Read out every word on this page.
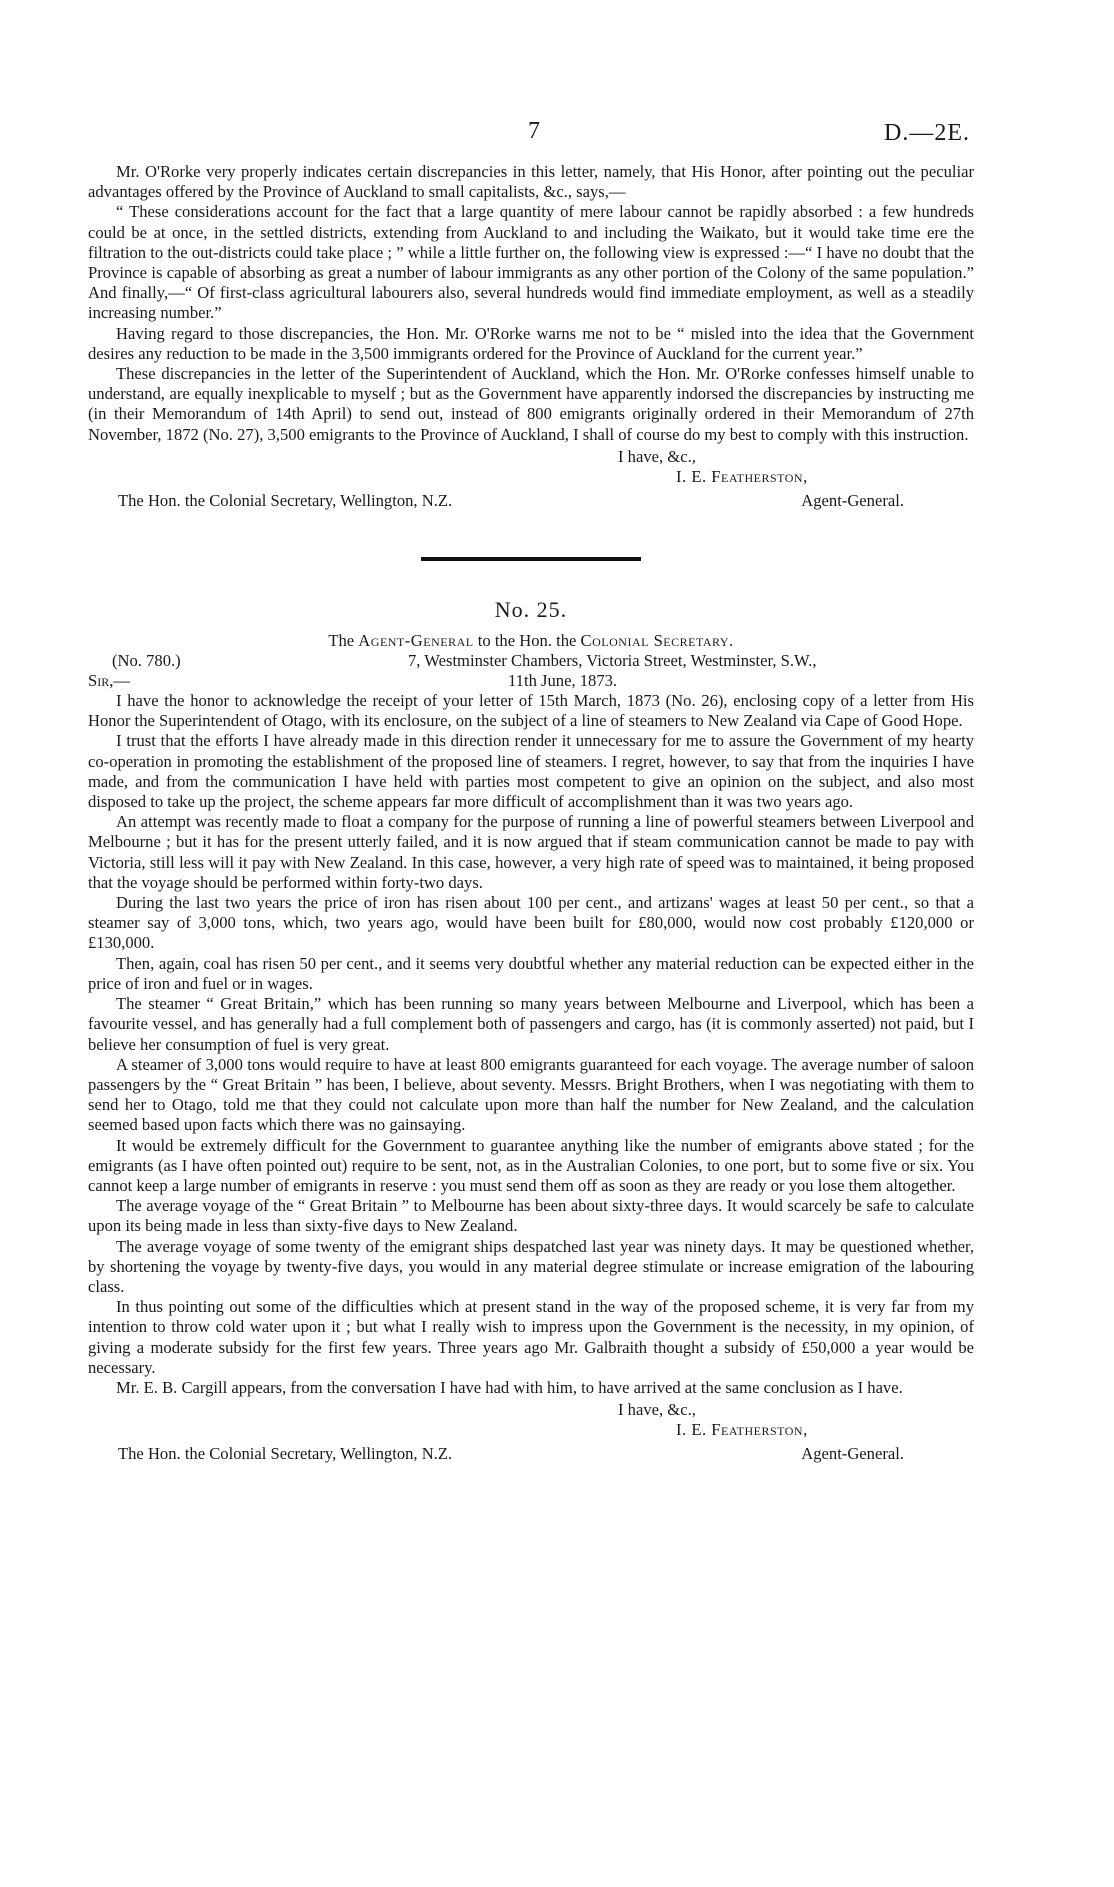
7	D.—2E.

Mr. O'Rorke very properly indicates certain discrepancies in this letter, namely, that His Honor, after pointing out the peculiar advantages offered by the Province of Auckland to small capitalists, &c., says,—

“ These considerations account for the fact that a large quantity of mere labour cannot be rapidly absorbed : a few hundreds could be at once, in the settled districts, extending from Auckland to and including the Waikato, but it would take time ere the filtration to the out-districts could take place ; ” while a little further on, the following view is expressed :—“ I have no doubt that the Province is capable of absorbing as great a number of labour immigrants as any other portion of the Colony of the same population.” And finally,—“ Of first-class agricultural labourers also, several hundreds would find immediate employment, as well as a steadily increasing number.”

Having regard to those discrepancies, the Hon. Mr. O'Rorke warns me not to be “ misled into the idea that the Government desires any reduction to be made in the 3,500 immigrants ordered for the Province of Auckland for the current year.”

These discrepancies in the letter of the Superintendent of Auckland, which the Hon. Mr. O'Rorke confesses himself unable to understand, are equally inexplicable to myself ; but as the Government have apparently indorsed the discrepancies by instructing me (in their Memorandum of 14th April) to send out, instead of 800 emigrants originally ordered in their Memorandum of 27th November, 1872 (No. 27), 3,500 emigrants to the Province of Auckland, I shall of course do my best to comply with this instruction.

I have, &c.,
I. E. Featherston,
The Hon. the Colonial Secretary, Wellington, N.Z.	Agent-General.
No. 25.
The Agent-General to the Hon. the Colonial Secretary.
(No. 780.)	7, Westminster Chambers, Victoria Street, Westminster, S.W.,
Sir,—	11th June, 1873.

I have the honor to acknowledge the receipt of your letter of 15th March, 1873 (No. 26), enclosing copy of a letter from His Honor the Superintendent of Otago, with its enclosure, on the subject of a line of steamers to New Zealand via Cape of Good Hope.

I trust that the efforts I have already made in this direction render it unnecessary for me to assure the Government of my hearty co-operation in promoting the establishment of the proposed line of steamers. I regret, however, to say that from the inquiries I have made, and from the communication I have held with parties most competent to give an opinion on the subject, and also most disposed to take up the project, the scheme appears far more difficult of accomplishment than it was two years ago.

An attempt was recently made to float a company for the purpose of running a line of powerful steamers between Liverpool and Melbourne ; but it has for the present utterly failed, and it is now argued that if steam communication cannot be made to pay with Victoria, still less will it pay with New Zealand. In this case, however, a very high rate of speed was to maintained, it being proposed that the voyage should be performed within forty-two days.

During the last two years the price of iron has risen about 100 per cent., and artizans' wages at least 50 per cent., so that a steamer say of 3,000 tons, which, two years ago, would have been built for £80,000, would now cost probably £120,000 or £130,000.

Then, again, coal has risen 50 per cent., and it seems very doubtful whether any material reduction can be expected either in the price of iron and fuel or in wages.

The steamer “ Great Britain,” which has been running so many years between Melbourne and Liverpool, which has been a favourite vessel, and has generally had a full complement both of passengers and cargo, has (it is commonly asserted) not paid, but I believe her consumption of fuel is very great.

A steamer of 3,000 tons would require to have at least 800 emigrants guaranteed for each voyage. The average number of saloon passengers by the “ Great Britain ” has been, I believe, about seventy. Messrs. Bright Brothers, when I was negotiating with them to send her to Otago, told me that they could not calculate upon more than half the number for New Zealand, and the calculation seemed based upon facts which there was no gainsaying.

It would be extremely difficult for the Government to guarantee anything like the number of emigrants above stated ; for the emigrants (as I have often pointed out) require to be sent, not, as in the Australian Colonies, to one port, but to some five or six. You cannot keep a large number of emigrants in reserve : you must send them off as soon as they are ready or you lose them altogether.

The average voyage of the “ Great Britain ” to Melbourne has been about sixty-three days. It would scarcely be safe to calculate upon its being made in less than sixty-five days to New Zealand.

The average voyage of some twenty of the emigrant ships despatched last year was ninety days. It may be questioned whether, by shortening the voyage by twenty-five days, you would in any material degree stimulate or increase emigration of the labouring class.

In thus pointing out some of the difficulties which at present stand in the way of the proposed scheme, it is very far from my intention to throw cold water upon it ; but what I really wish to impress upon the Government is the necessity, in my opinion, of giving a moderate subsidy for the first few years. Three years ago Mr. Galbraith thought a subsidy of £50,000 a year would be necessary.

Mr. E. B. Cargill appears, from the conversation I have had with him, to have arrived at the same conclusion as I have.

I have, &c.,
I. E. Featherston,
The Hon. the Colonial Secretary, Wellington, N.Z.	Agent-General.
